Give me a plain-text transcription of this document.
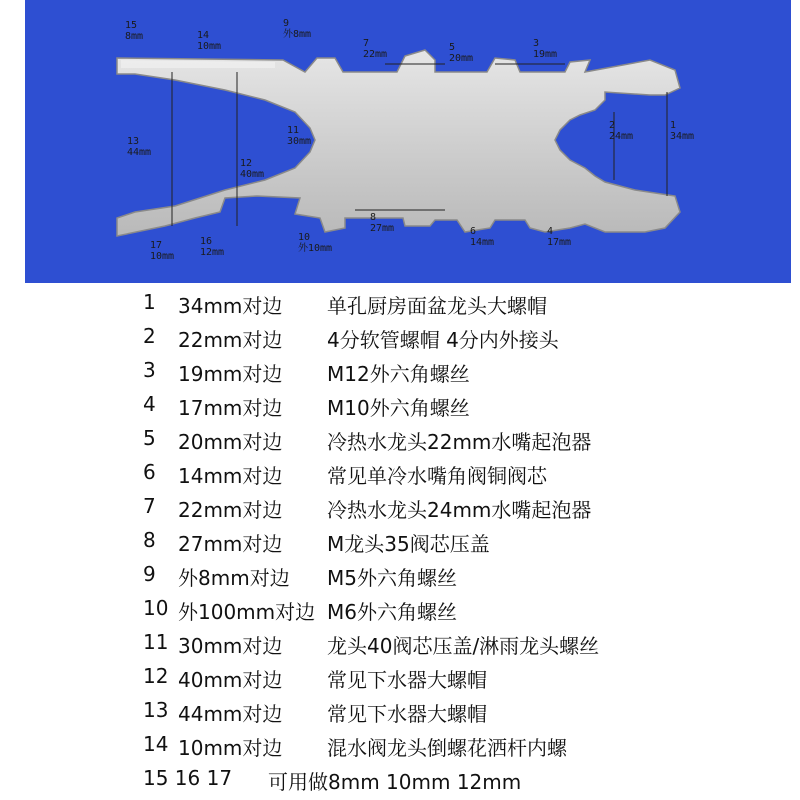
15
8mm	14
10mm
9
外8mm
7
22mm
5
20mm
3
19mm
13
44mm
11
30mm
12
40mm
2
24mm
1
34mm
8
27mm
17
10mm
16
12mm
10
外10mm
6
14mm
4
17mm
1 34mm对边 单孔厨房面盆龙头大螺帽
2 22mm对边 4分软管螺帽 4分内外接头
3 19mm对边 M12外六角螺丝
4 17mm对边 M10外六角螺丝
5 20mm对边 冷热水龙头22mm水嘴起泡器
6 14mm对边 常见单冷水嘴角阀铜阀芯
7 22mm对边 冷热水龙头24mm水嘴起泡器
8 27mm对边 M龙头35阀芯压盖
9 外8mm对边 M5外六角螺丝
10 外100mm对边 M6外六角螺丝
11 30mm对边 龙头40阀芯压盖/淋雨龙头螺丝
12 40mm对边 常见下水器大螺帽
13 44mm对边 常见下水器大螺帽
14 10mm对边 混水阀龙头倒螺花洒杆内螺
15 16 17 可用做8mm 10mm 12mm
